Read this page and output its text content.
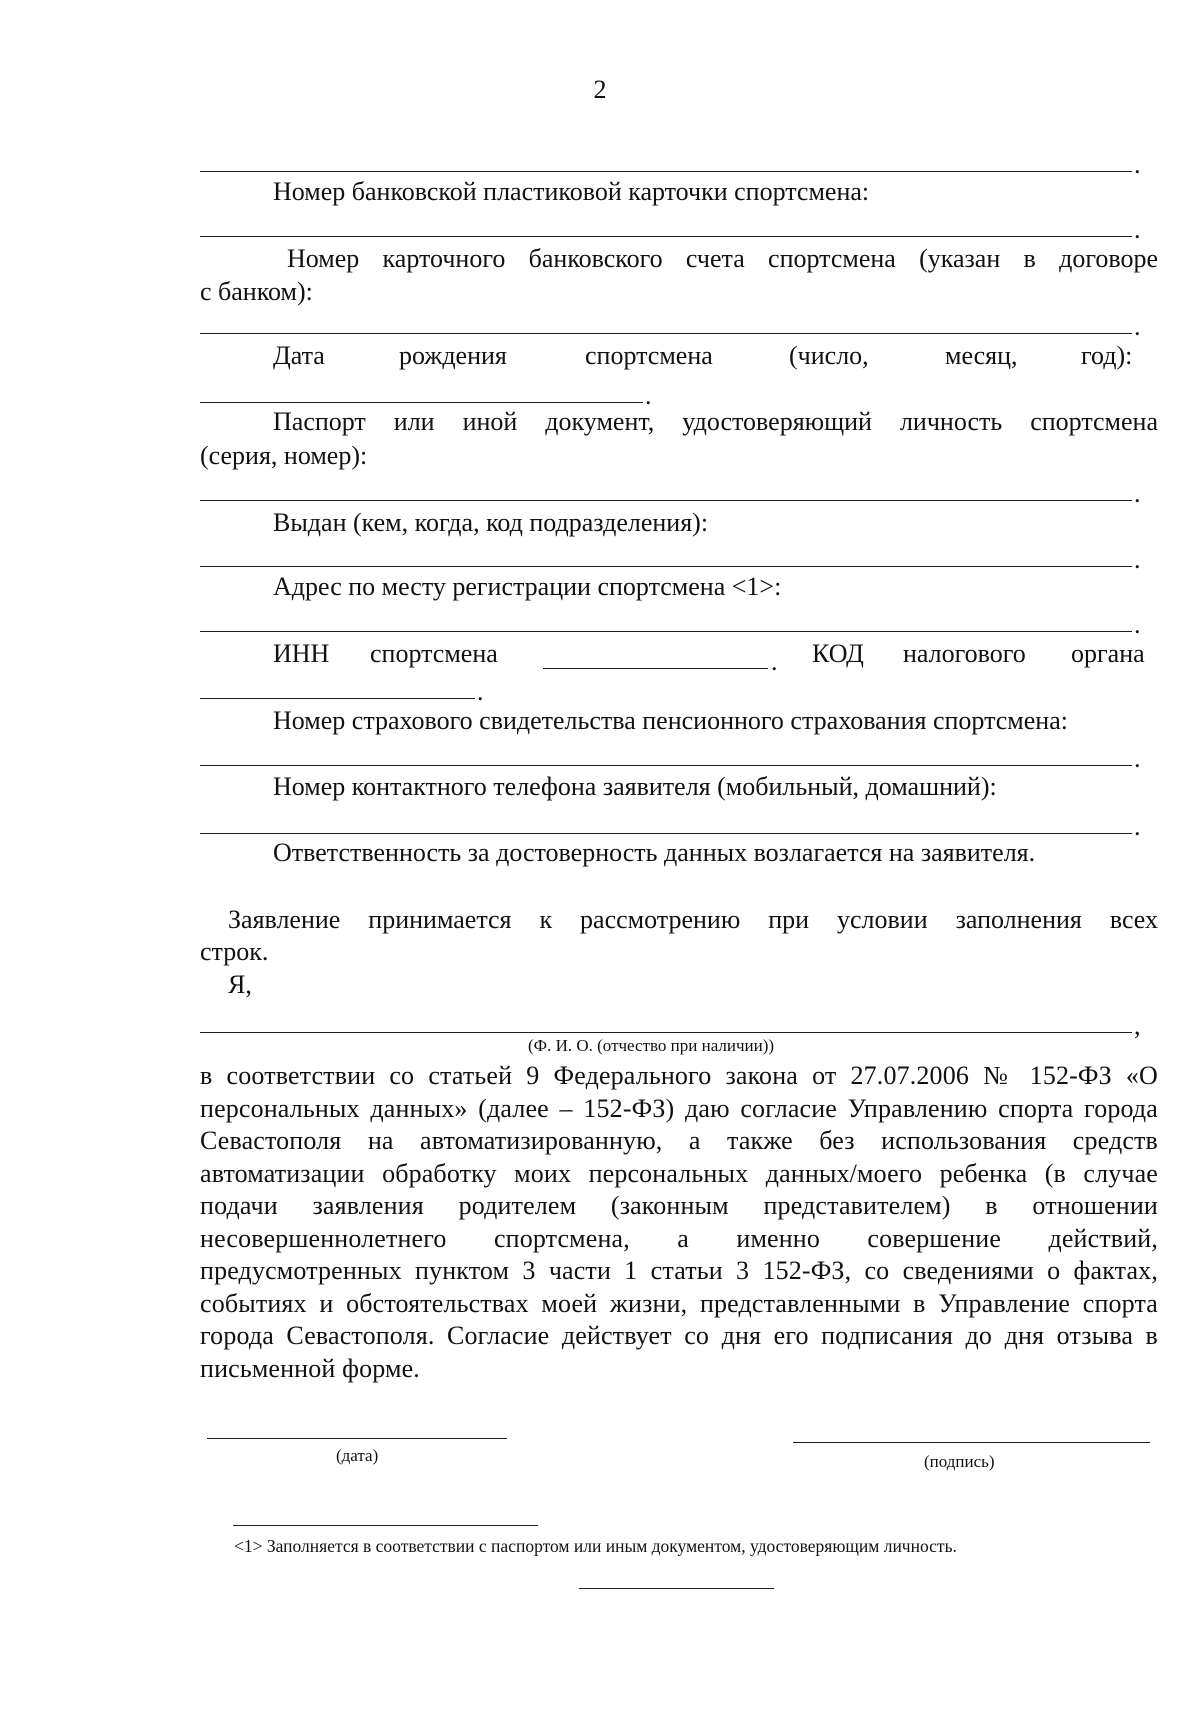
2
.
Номер банковской пластиковой карточки спортсмена:
.
Номер карточного банковского счета спортсмена (указан в договоре
с банком):
.
Дата	рождения	спортсмена	(число,	месяц, год):
.
Паспорт или иной документ, удостоверяющий личность спортсмена
(серия, номер):
.
Выдан (кем, когда, код подразделения):
.
Адрес по месту регистрации спортсмена <1>:
.
ИНН спортсмена	. КОД налогового органа
.
Номер страхового свидетельства пенсионного страхования спортсмена:
.
Номер контактного телефона заявителя (мобильный, домашний):
.
Ответственность за достоверность данных возлагается на заявителя.
Заявление принимается к рассмотрению при условии заполнения всех
строк.
Я,
,
(Ф. И. О. (отчество при наличии))
в соответствии со статьей 9 Федерального закона от 27.07.2006 № 152-ФЗ «О персональных данных» (далее – 152-ФЗ) даю согласие Управлению спорта города Севастополя на автоматизированную, а также без использования средств автоматизации обработку моих персональных данных/моего ребенка (в случае подачи заявления родителем (законным представителем) в отношении несовершеннолетнего спортсмена, а именно совершение действий, предусмотренных пунктом 3 части 1 статьи 3 152-ФЗ, со сведениями о фактах, событиях и обстоятельствах моей жизни, представленными в Управление спорта города Севастополя. Согласие действует со дня его подписания до дня отзыва в письменной форме.
(дата)	(подпись)
<1> Заполняется в соответствии с паспортом или иным документом, удостоверяющим личность.
